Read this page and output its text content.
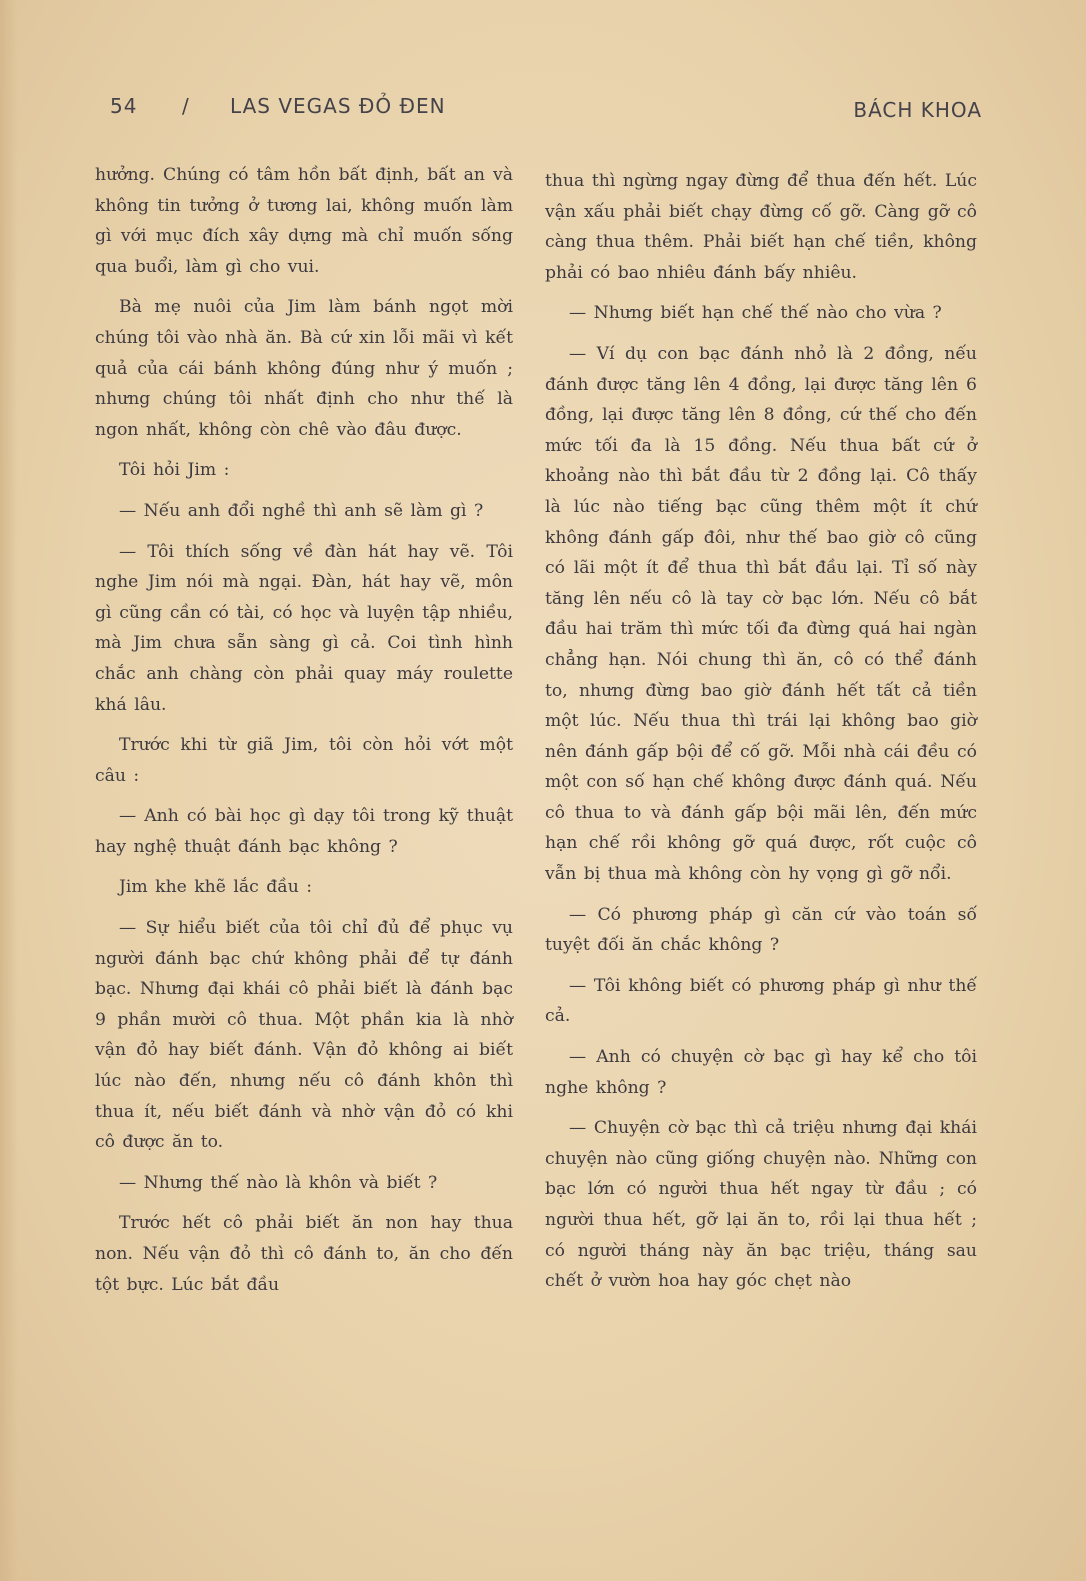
54 / LAS VEGAS ĐỎ ĐEN	BÁCH KHOA

hưởng. Chúng có tâm hồn bất định, bất an và không tin tưởng ở tương lai, không muốn làm gì với mục đích xây dựng mà chỉ muốn sống qua buổi, làm gì cho vui.

Bà mẹ nuôi của Jim làm bánh ngọt mời chúng tôi vào nhà ăn. Bà cứ xin lỗi mãi vì kết quả của cái bánh không đúng như ý muốn ; nhưng chúng tôi nhất định cho như thế là ngon nhất, không còn chê vào đâu được.

Tôi hỏi Jim :

— Nếu anh đổi nghề thì anh sẽ làm gì ?

— Tôi thích sống về đàn hát hay vẽ. Tôi nghe Jim nói mà ngại. Đàn, hát hay vẽ, môn gì cũng cần có tài, có học và luyện tập nhiều, mà Jim chưa sẵn sàng gì cả. Coi tình hình chắc anh chàng còn phải quay máy roulette khá lâu.

Trước khi từ giã Jim, tôi còn hỏi vớt một câu :

— Anh có bài học gì dạy tôi trong kỹ thuật hay nghệ thuật đánh bạc không ?

Jim khe khẽ lắc đầu :

— Sự hiểu biết của tôi chỉ đủ để phục vụ người đánh bạc chứ không phải để tự đánh bạc. Nhưng đại khái cô phải biết là đánh bạc 9 phần mười cô thua. Một phần kia là nhờ vận đỏ hay biết đánh. Vận đỏ không ai biết lúc nào đến, nhưng nếu cô đánh khôn thì thua ít, nếu biết đánh và nhờ vận đỏ có khi cô được ăn to.

— Nhưng thế nào là khôn và biết ?

Trước hết cô phải biết ăn non hay thua non. Nếu vận đỏ thì cô đánh to, ăn cho đến tột bực. Lúc bắt đầu

thua thì ngừng ngay đừng để thua đến hết. Lúc vận xấu phải biết chạy đừng cố gỡ. Càng gỡ cô càng thua thêm. Phải biết hạn chế tiền, không phải có bao nhiêu đánh bấy nhiêu.

— Nhưng biết hạn chế thế nào cho vừa ?

— Ví dụ con bạc đánh nhỏ là 2 đồng, nếu đánh được tăng lên 4 đồng, lại được tăng lên 6 đồng, lại được tăng lên 8 đồng, cứ thế cho đến mức tối đa là 15 đồng. Nếu thua bất cứ ở khoảng nào thì bắt đầu từ 2 đồng lại. Cô thấy là lúc nào tiếng bạc cũng thêm một ít chứ không đánh gấp đôi, như thế bao giờ cô cũng có lãi một ít để thua thì bắt đầu lại. Tỉ số này tăng lên nếu cô là tay cờ bạc lớn. Nếu cô bắt đầu hai trăm thì mức tối đa đừng quá hai ngàn chẳng hạn. Nói chung thì ăn, cô có thể đánh to, nhưng đừng bao giờ đánh hết tất cả tiền một lúc. Nếu thua thì trái lại không bao giờ nên đánh gấp bội để cố gỡ. Mỗi nhà cái đều có một con số hạn chế không được đánh quá. Nếu cô thua to và đánh gấp bội mãi lên, đến mức hạn chế rồi không gỡ quá được, rốt cuộc cô vẫn bị thua mà không còn hy vọng gì gỡ nổi.

— Có phương pháp gì căn cứ vào toán số tuyệt đối ăn chắc không ?

— Tôi không biết có phương pháp gì như thế cả.

— Anh có chuyện cờ bạc gì hay kể cho tôi nghe không ?

— Chuyện cờ bạc thì cả triệu nhưng đại khái chuyện nào cũng giống chuyện nào. Những con bạc lớn có người thua hết ngay từ đầu ; có người thua hết, gỡ lại ăn to, rồi lại thua hết ; có người tháng này ăn bạc triệu, tháng sau chết ở vườn hoa hay góc chẹt nào
